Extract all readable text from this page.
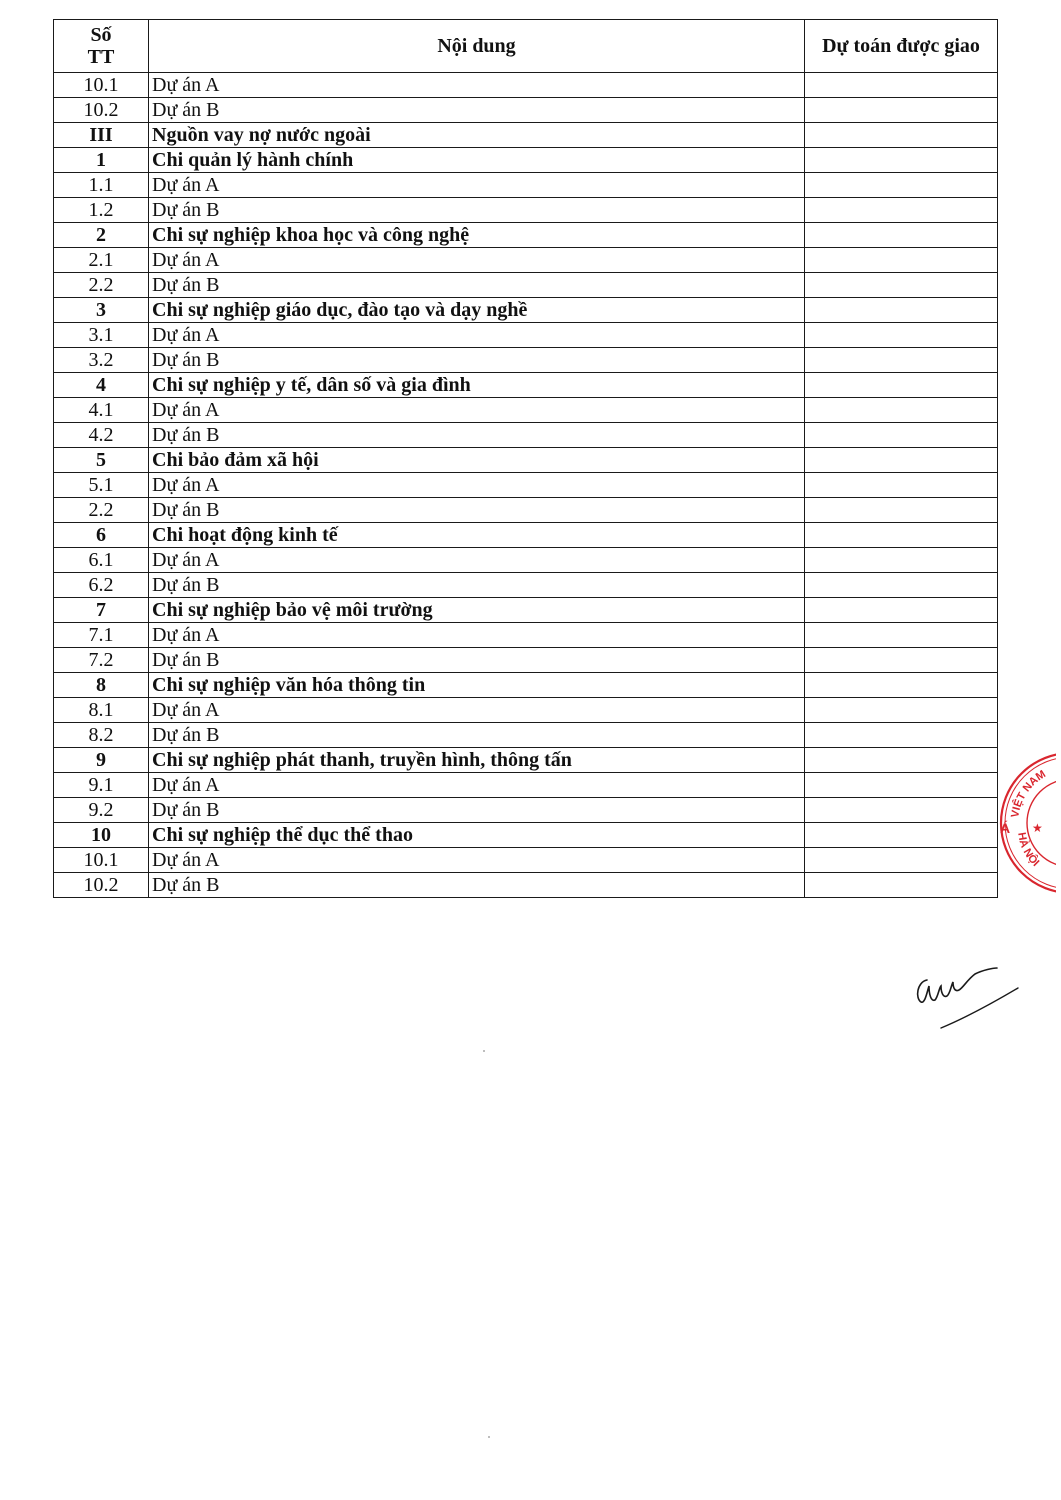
Số
TT	Nội dung	Dự toán được giao
10.1	Dự án A	
10.2	Dự án B	
III	Nguồn vay nợ nước ngoài	
1	Chi quản lý hành chính	
1.1	Dự án A	
1.2	Dự án B	
2	Chi sự nghiệp khoa học và công nghệ	
2.1	Dự án A	
2.2	Dự án B	
3	Chi sự nghiệp giáo dục, đào tạo và dạy nghề	
3.1	Dự án A	
3.2	Dự án B	
4	Chi sự nghiệp y tế, dân số và gia đình	
4.1	Dự án A	
4.2	Dự án B	
5	Chi bảo đảm xã hội	
5.1	Dự án A	
2.2	Dự án B	
6	Chi hoạt động kinh tế	
6.1	Dự án A	
6.2	Dự án B	
7	Chi sự nghiệp bảo vệ môi trường	
7.1	Dự án A	
7.2	Dự án B	
8	Chi sự nghiệp văn hóa thông tin	
8.1	Dự án A	
8.2	Dự án B	
9	Chi sự nghiệp phát thanh, truyền hình, thông tấn	
9.1	Dự án A	
9.2	Dự án B	
10	Chi sự nghiệp thể dục thể thao	
10.1	Dự án A	
10.2	Dự án B	
VIỆT NAM
HÀ NỘI
Á ★
